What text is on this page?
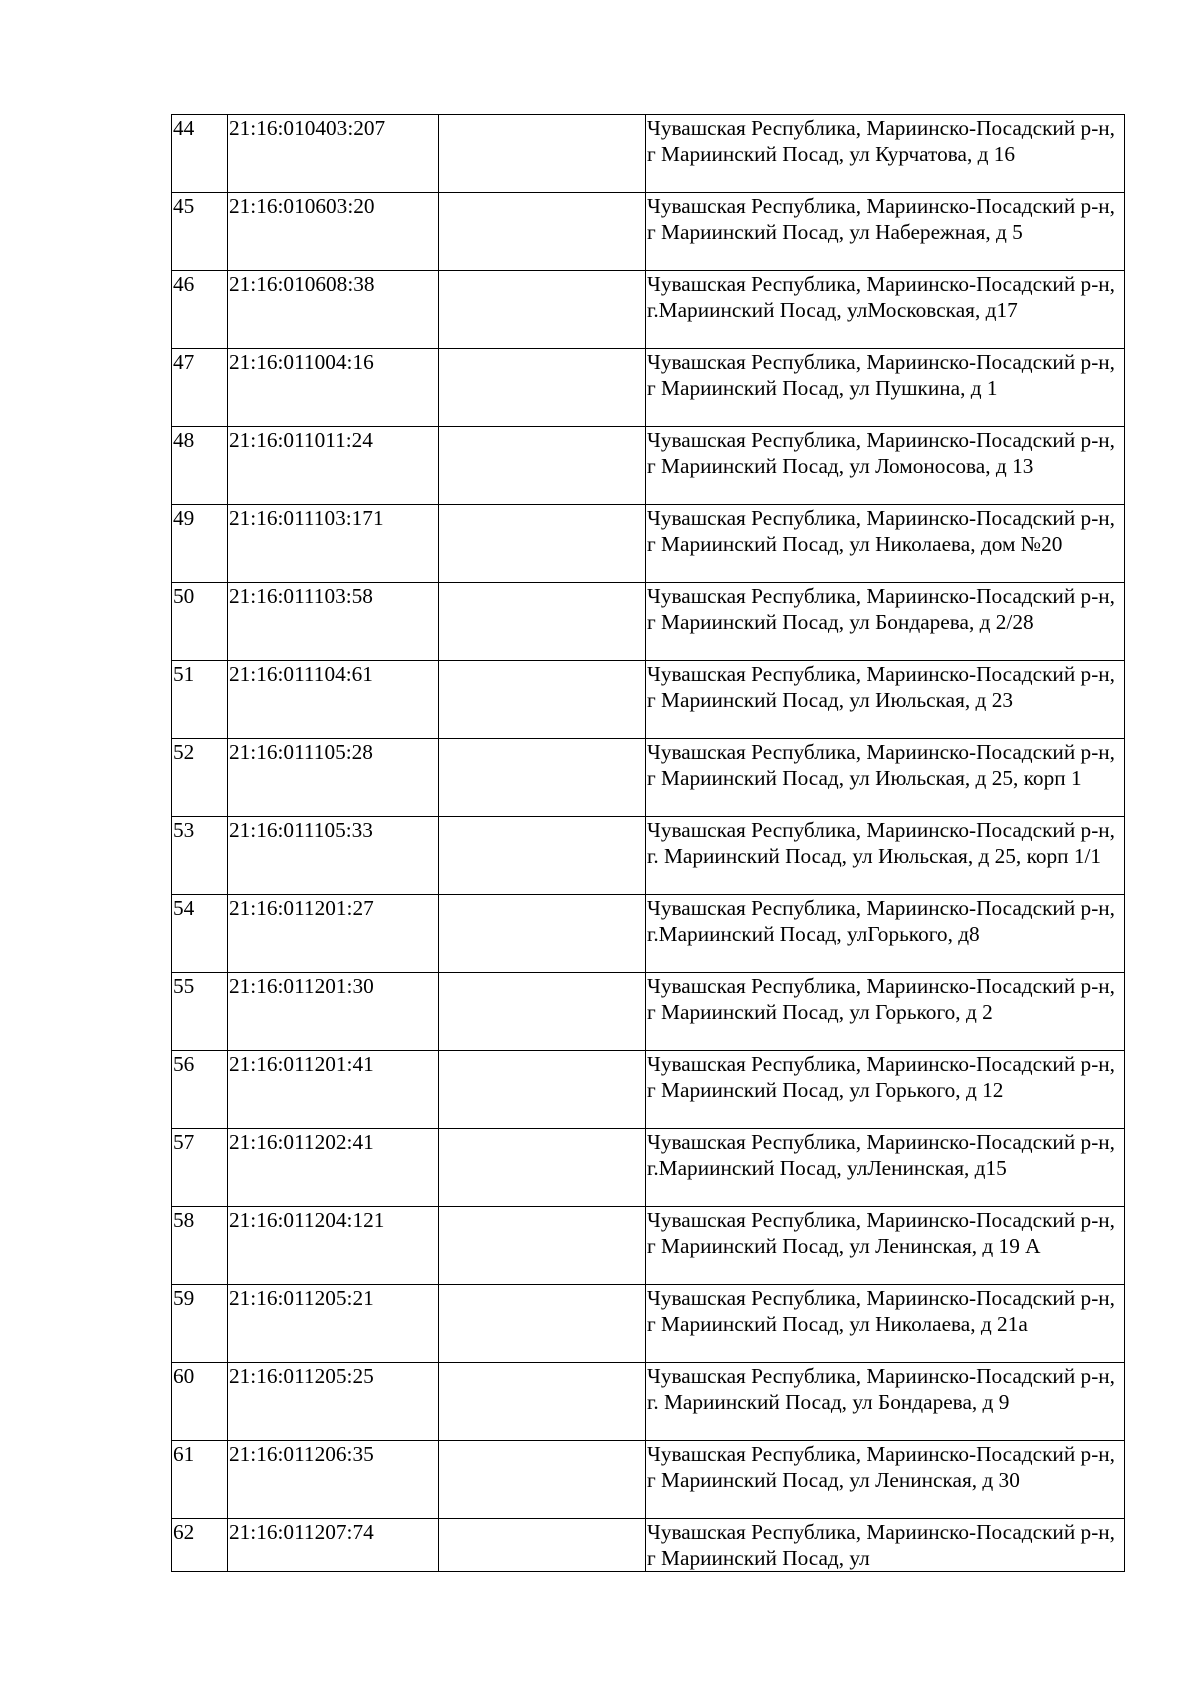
44	21:16:010403:207		Чувашская Республика, Мариинско-Посадский р-н, г Мариинский Посад, ул Курчатова, д 16
45	21:16:010603:20		Чувашская Республика, Мариинско-Посадский р-н, г Мариинский Посад, ул Набережная, д 5
46	21:16:010608:38		Чувашская Республика, Мариинско-Посадский р-н, г.Мариинский Посад, улМосковская, д17
47	21:16:011004:16		Чувашская Республика, Мариинско-Посадский р-н, г Мариинский Посад, ул Пушкина, д 1
48	21:16:011011:24		Чувашская Республика, Мариинско-Посадский р-н, г Мариинский Посад, ул Ломоносова, д 13
49	21:16:011103:171		Чувашская Республика, Мариинско-Посадский р-н, г Мариинский Посад, ул Николаева, дом №20
50	21:16:011103:58		Чувашская Республика, Мариинско-Посадский р-н, г Мариинский Посад, ул Бондарева, д 2/28
51	21:16:011104:61		Чувашская Республика, Мариинско-Посадский р-н, г Мариинский Посад, ул Июльская, д 23
52	21:16:011105:28		Чувашская Республика, Мариинско-Посадский р-н, г Мариинский Посад, ул Июльская, д 25, корп 1
53	21:16:011105:33		Чувашская Республика, Мариинско-Посадский р-н, г. Мариинский Посад, ул Июльская, д 25, корп 1/1
54	21:16:011201:27		Чувашская Республика, Мариинско-Посадский р-н, г.Мариинский Посад, улГорького, д8
55	21:16:011201:30		Чувашская Республика, Мариинско-Посадский р-н, г Мариинский Посад, ул Горького, д 2
56	21:16:011201:41		Чувашская Республика, Мариинско-Посадский р-н, г Мариинский Посад, ул Горького, д 12
57	21:16:011202:41		Чувашская Республика, Мариинско-Посадский р-н, г.Мариинский Посад, улЛенинская, д15
58	21:16:011204:121		Чувашская Республика, Мариинско-Посадский р-н, г Мариинский Посад, ул Ленинская, д 19 А
59	21:16:011205:21		Чувашская Республика, Мариинско-Посадский р-н, г Мариинский Посад, ул Николаева, д 21а
60	21:16:011205:25		Чувашская Республика, Мариинско-Посадский р-н, г. Мариинский Посад, ул Бондарева, д 9
61	21:16:011206:35		Чувашская Республика, Мариинско-Посадский р-н, г Мариинский Посад, ул Ленинская, д 30
62	21:16:011207:74		Чувашская Республика, Мариинско-Посадский р-н, г Мариинский Посад, ул
